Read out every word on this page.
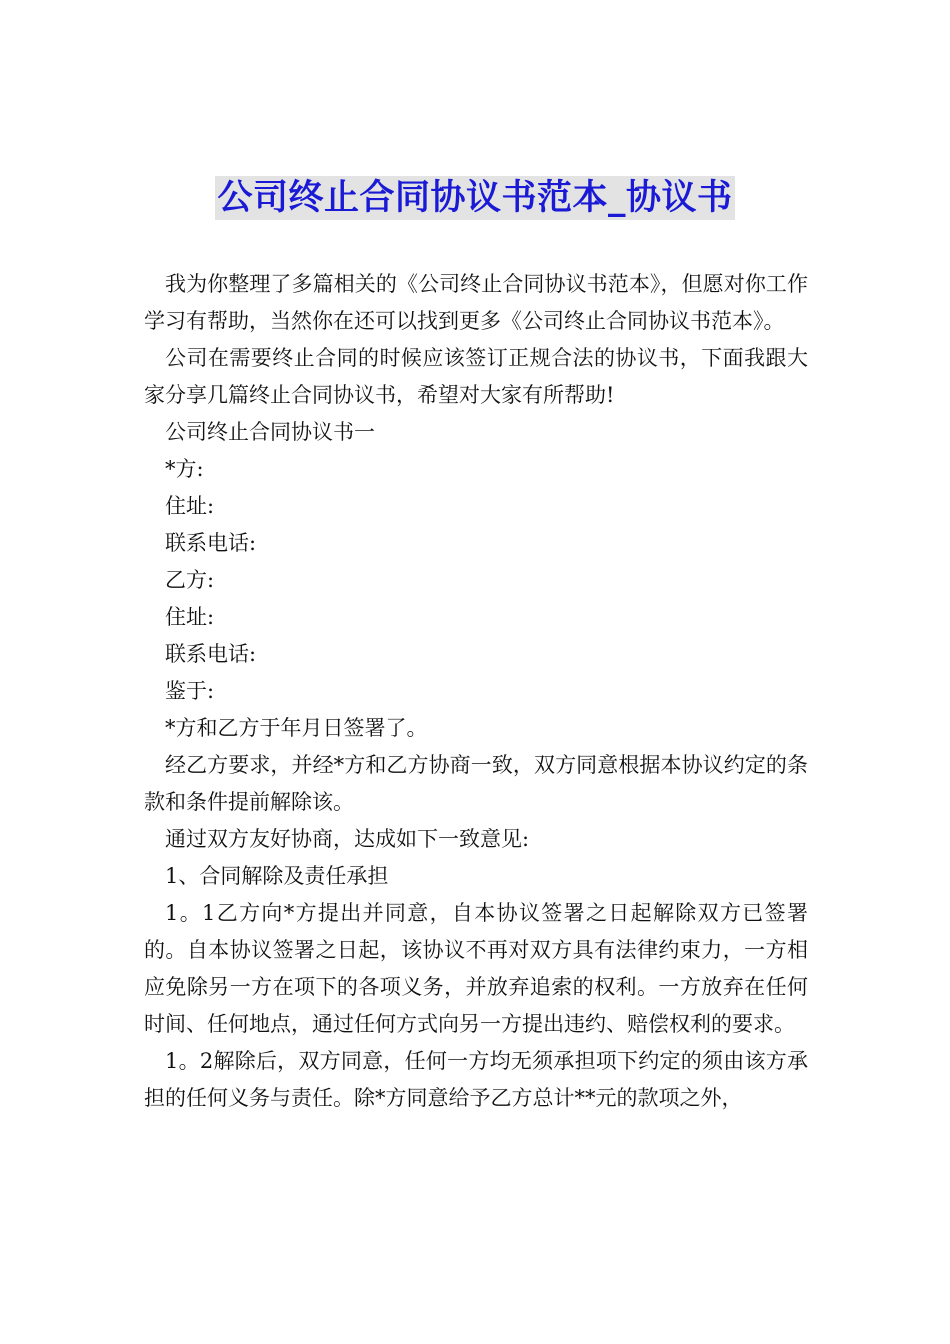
公司终止合同协议书范本_协议书

我为你整理了多篇相关的《公司终止合同协议书范本》，但愿对你工作学习有帮助，当然你在还可以找到更多《公司终止合同协议书范本》。

公司在需要终止合同的时候应该签订正规合法的协议书，下面我跟大家分享几篇终止合同协议书，希望对大家有所帮助!

公司终止合同协议书一

*方:

住址:

联系电话:

乙方:

住址:

联系电话:

鉴于:

*方和乙方于年月日签署了。

经乙方要求，并经*方和乙方协商一致，双方同意根据本协议约定的条款和条件提前解除该。

通过双方友好协商，达成如下一致意见:

1、合同解除及责任承担

1。1乙方向*方提出并同意，自本协议签署之日起解除双方已签署的。自本协议签署之日起，该协议不再对双方具有法律约束力，一方相应免除另一方在项下的各项义务，并放弃追索的权利。一方放弃在任何时间、任何地点，通过任何方式向另一方提出违约、赔偿权利的要求。

1。2解除后，双方同意，任何一方均无须承担项下约定的须由该方承担的任何义务与责任。除*方同意给予乙方总计**元的款项之外，
